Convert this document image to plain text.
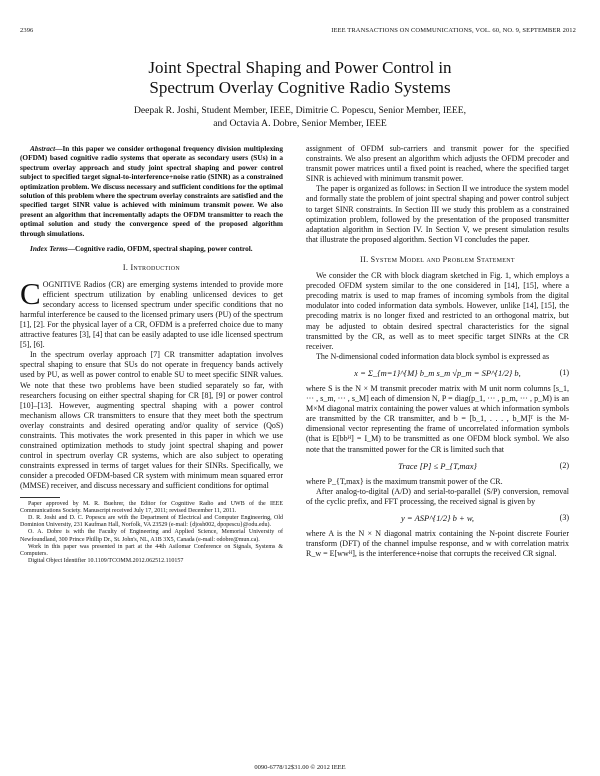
2396	IEEE TRANSACTIONS ON COMMUNICATIONS, VOL. 60, NO. 9, SEPTEMBER 2012
Joint Spectral Shaping and Power Control in
Spectrum Overlay Cognitive Radio Systems
Deepak R. Joshi, Student Member, IEEE, Dimitrie C. Popescu, Senior Member, IEEE,
and Octavia A. Dobre, Senior Member, IEEE

Abstract—In this paper we consider orthogonal frequency division multiplexing (OFDM) based cognitive radio systems that operate as secondary users (SUs) in a spectrum overlay approach and study joint spectral shaping and power control subject to specified target signal-to-interference+noise ratio (SINR) as a constrained optimization problem. We discuss necessary and sufficient conditions for the optimal solution of this problem where the spectrum overlay constraints are satisfied and the specified target SINR value is achieved with minimum transmit power. We also present an algorithm that incrementally adapts the OFDM transmitter to reach the optimal solution and study the convergence speed of the proposed algorithm through simulations.

Index Terms—Cognitive radio, OFDM, spectral shaping, power control.

I. Introduction

COGNITIVE Radios (CR) are emerging systems intended to provide more efficient spectrum utilization by enabling unlicensed devices to get secondary access to licensed spectrum under specific conditions that no harmful interference be caused to the licensed primary users (PU) of the spectrum [1], [2]. For the physical layer of a CR, OFDM is a preferred choice due to many attractive features [3], [4] that can be easily adapted to use idle licensed spectrum [5], [6].

In the spectrum overlay approach [7] CR transmitter adaptation involves spectral shaping to ensure that SUs do not operate in frequency bands actively used by PU, as well as power control to enable SU to meet specific SINR values. We note that these two problems have been studied separately so far, with researchers focusing on either spectral shaping for CR [8], [9] or power control [10]–[13]. However, augmenting spectral shaping with a power control mechanism allows CR transmitters to ensure that they meet both the spectrum overlay constraints and desired operating and/or quality of service (QoS) constraints. This motivates the work presented in this paper in which we use constrained optimization methods to study joint spectral shaping and power control in spectrum overlay CR systems, which are also subject to operating constraints expressed in terms of target values for their SINRs. Specifically, we consider a precoded OFDM-based CR system with minimum mean squared error (MMSE) receiver, and discuss necessary and sufficient conditions for optimal

Paper approved by M. R. Buehrer, the Editor for Cognitive Radio and UWB of the IEEE Communications Society. Manuscript received July 17, 2011; revised December 11, 2011.

D. R. Joshi and D. C. Popescu are with the Department of Electrical and Computer Engineering, Old Dominion University, 231 Kaufman Hall, Norfolk, VA 23529 (e-mail: {djosh002, dpopescu}@odu.edu).

O. A. Dobre is with the Faculty of Engineering and Applied Science, Memorial University of Newfoundland, 300 Prince Phillip Dr., St. John's, NL, A1B 3X5, Canada (e-mail: odobre@mun.ca).

Work in this paper was presented in part at the 44th Asilomar Conference on Signals, Systems & Computers.

Digital Object Identifier 10.1109/TCOMM.2012.062512.110157

assignment of OFDM sub-carriers and transmit power for the specified constraints. We also present an algorithm which adjusts the OFDM precoder and transmit power matrices until a fixed point is reached, where the specified target SINR is achieved with minimum transmit power.

The paper is organized as follows: in Section II we introduce the system model and formally state the problem of joint spectral shaping and power control subject to target SINR constraints. In Section III we study this problem as a constrained optimization problem, followed by the presentation of the proposed transmitter adaptation algorithm in Section IV. In Section V, we present simulation results that illustrate the proposed algorithm. Section VI concludes the paper.

II. System Model and Problem Statement

We consider the CR with block diagram sketched in Fig. 1, which employs a precoded OFDM system similar to the one considered in [14], [15], where a precoding matrix is used to map frames of incoming symbols from the digital modulator into coded information data symbols. However, unlike [14], [15], the precoding matrix is no longer fixed and restricted to an orthogonal matrix, but may be adjusted to obtain desired spectral characteristics for the signal transmitted by the CR, as well as to meet specific target SINRs at the CR receiver.

The N-dimensional coded information data block symbol is expressed as

x = Σ_{m=1}^{M} b_m s_m √p_m = SP^{1/2} b,	(1)

where S is the N × M transmit precoder matrix with M unit norm columns [s_1, ··· , s_m, ··· , s_M] each of dimension N, P = diag(p_1, ··· , p_m, ··· , p_M) is an M×M diagonal matrix containing the power values at which information symbols are transmitted by the CR transmitter, and b = [b_1, . . . , b_M]ᵀ is the M-dimensional vector representing the frame of uncorrelated information symbols (that is E[bbᴴ] = I_M) to be transmitted as one OFDM block symbol. We also note that the transmitted power for the CR is limited such that

Trace [P] ≤ P_{T,max}	(2)

where P_{T,max} is the maximum transmit power of the CR.

After analog-to-digital (A/D) and serial-to-parallel (S/P) conversion, removal of the cyclic prefix, and FFT processing, the received signal is given by

y = ASP^{1/2} b + w,	(3)

where A is the N × N diagonal matrix containing the N-point discrete Fourier transform (DFT) of the channel impulse response, and w with correlation matrix R_w = E[wwᴴ], is the interference+noise that corrupts the received CR signal.

0090-6778/12$31.00 © 2012 IEEE
